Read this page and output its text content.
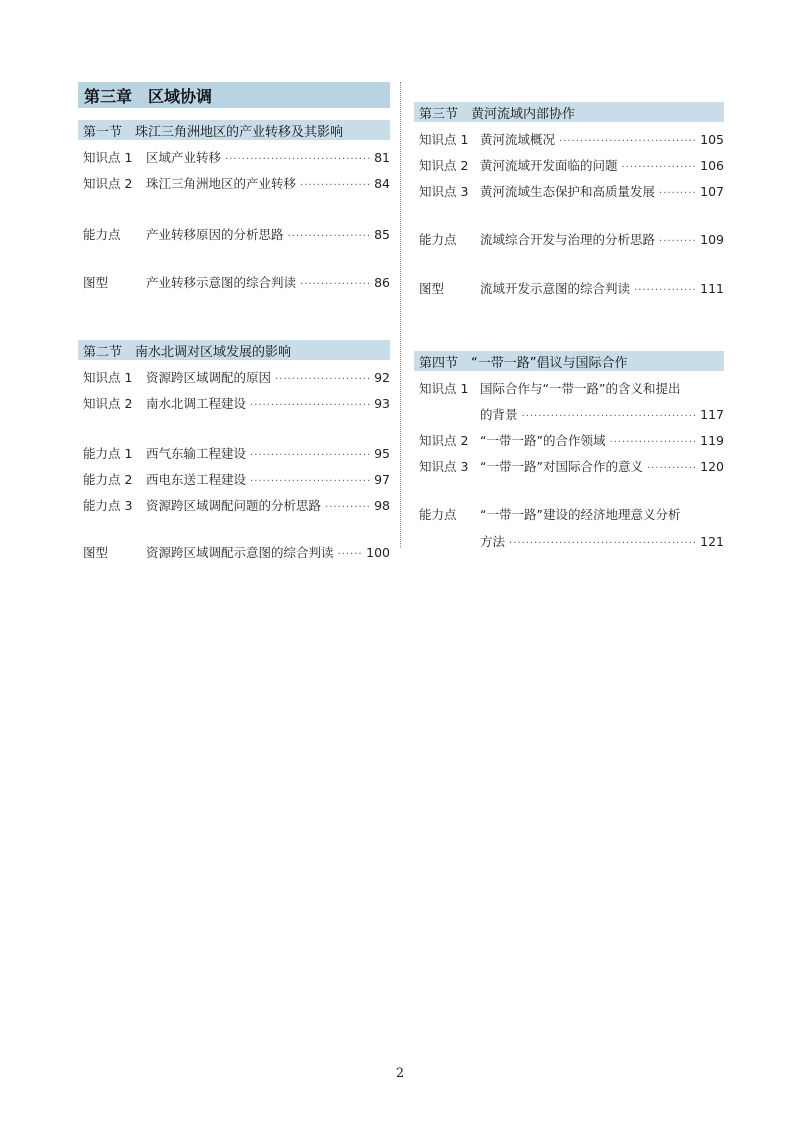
第三章 区域协调
第一节 珠江三角洲地区的产业转移及其影响
知识点 1 区域产业转移 ·····	81
知识点 2 珠江三角洲地区的产业转移 ·····	84
能力点 产业转移原因的分析思路 ·····	85
图型	产业转移示意图的综合判读 ·····	86
第二节 南水北调对区域发展的影响
知识点 1 资源跨区域调配的原因 ·····	92
知识点 2 南水北调工程建设 ·····	93
能力点 1 西气东输工程建设 ·····	95
能力点 2 西电东送工程建设 ·····	97
能力点 3 资源跨区域调配问题的分析思路 ·····	98
图型	资源跨区域调配示意图的综合判读 ·····	100
第三节 黄河流域内部协作
知识点 1 黄河流域概况 ·····	105
知识点 2 黄河流域开发面临的问题 ·····	106
知识点 3 黄河流域生态保护和高质量发展 ·····	107
能力点 流域综合开发与治理的分析思路 ·····	109
图型	流域开发示意图的综合判读 ·····	111
第四节 “一带一路”倡议与国际合作
知识点 1 国际合作与“一带一路”的含义和提出
的背景 ·····	117
知识点 2 “一带一路”的合作领域 ·····	119
知识点 3 “一带一路”对国际合作的意义 ·····	120
能力点 “一带一路”建设的经济地理意义分析
方法 ·····	121
2
